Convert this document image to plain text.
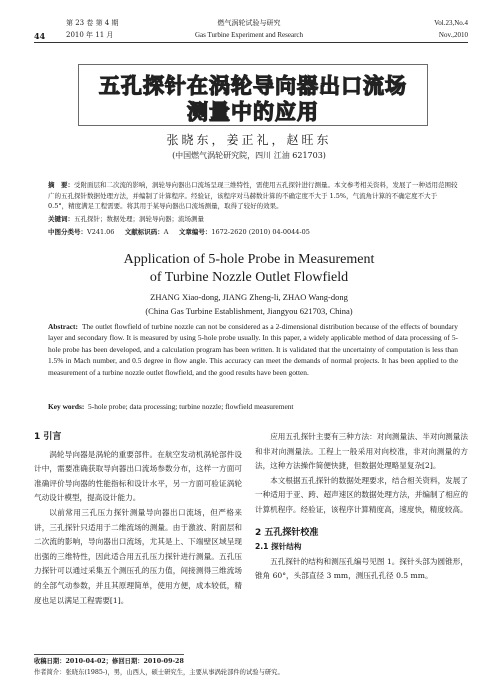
第 23 卷 第 4 期
2010 年 11 月
44
燃气涡轮试验与研究
Gas Turbine Experiment and Research
Vol.23,No.4
Nov.,2010
五孔探针在涡轮导向器出口流场
测量中的应用
张晓东，姜正礼，赵旺东
(中国燃气涡轮研究院，四川 江油 621703)
摘　要：受附面层和二次流的影响，涡轮导向器出口流场呈现三维特性，需使用五孔探针进行测量。本文参考相关资料，发展了一种适用范围较广的五孔探针数据处理方法，并编制了计算程序。经验证，该程序对马赫数计算的不确定度不大于 1.5%，气流角计算的不确定度不大于 0.5°，精度满足工程需要。将其用于某导向器出口流场测量，取得了较好的效果。
关键词：五孔探针；数据处理；涡轮导向器；流场测量
中图分类号：V241.06 文献标识码：A 文章编号：1672-2620 (2010) 04-0044-05
Application of 5-hole Probe in Measurement
of Turbine Nozzle Outlet Flowfield
ZHANG Xiao-dong, JIANG Zheng-li, ZHAO Wang-dong
(China Gas Turbine Establishment, Jiangyou 621703, China)
Abstract: The outlet flowfield of turbine nozzle can not be considered as a 2-dimensional distribution because of the effects of boundary layer and secondary flow. It is measured by using 5-hole probe usually. In this paper, a widely applicable method of data processing of 5-hole probe has been developed, and a calculation program has been written. It is validated that the uncertainty of computation is less than 1.5% in Mach number, and 0.5 degree in flow angle. This accuracy can meet the demands of normal projects. It has been applied to the measurement of a turbine nozzle outlet flowfield, and the good results have been gotten.
Key words: 5-hole probe; data processing; turbine nozzle; flowfield measurement
1 引言
涡轮导向器是涡轮的重要部件。在航空发动机涡轮部件设计中，需要准确获取导向器出口流场参数分布，这样一方面可准确评价导向器的性能指标和设计水平，另一方面可验证涡轮气动设计模型，提高设计能力。
以前常用三孔压力探针测量导向器出口流场，但严格来讲，三孔探针只适用于二维流场的测量。由于激波、附面层和二次流的影响，导向器出口流场，尤其是上、下端壁区域呈现出强的三维特性，因此适合用五孔压力探针进行测量。五孔压力探针可以通过采集五个测压孔的压力值，间接测得三维流场的全部气动参数，并且其原理简单，使用方便，成本较低，精度也足以满足工程需要[1]。
应用五孔探针主要有三种方法：对向测量法、半对向测量法和非对向测量法。工程上一般采用对向校准，非对向测量的方法，这种方法操作简便快捷，但数据处理略显复杂[2]。
本文根据五孔探针的数据处理要求，结合相关资料，发展了一种适用于亚、跨、超声速区的数据处理方法，并编制了相应的计算机程序。经验证，该程序计算精度高，速度快，精度较高。
2 五孔探针校准
2.1 探针结构
五孔探针的结构和测压孔编号见图 1。探针头部为圆锥形，锥角 60°，头部直径 3 mm，测压孔孔径 0.5 mm。
收稿日期：2010-04-02；修回日期：2010-09-28
作者简介：张晓东(1985-)，男，山西人，硕士研究生，主要从事涡轮部件的试验与研究。
